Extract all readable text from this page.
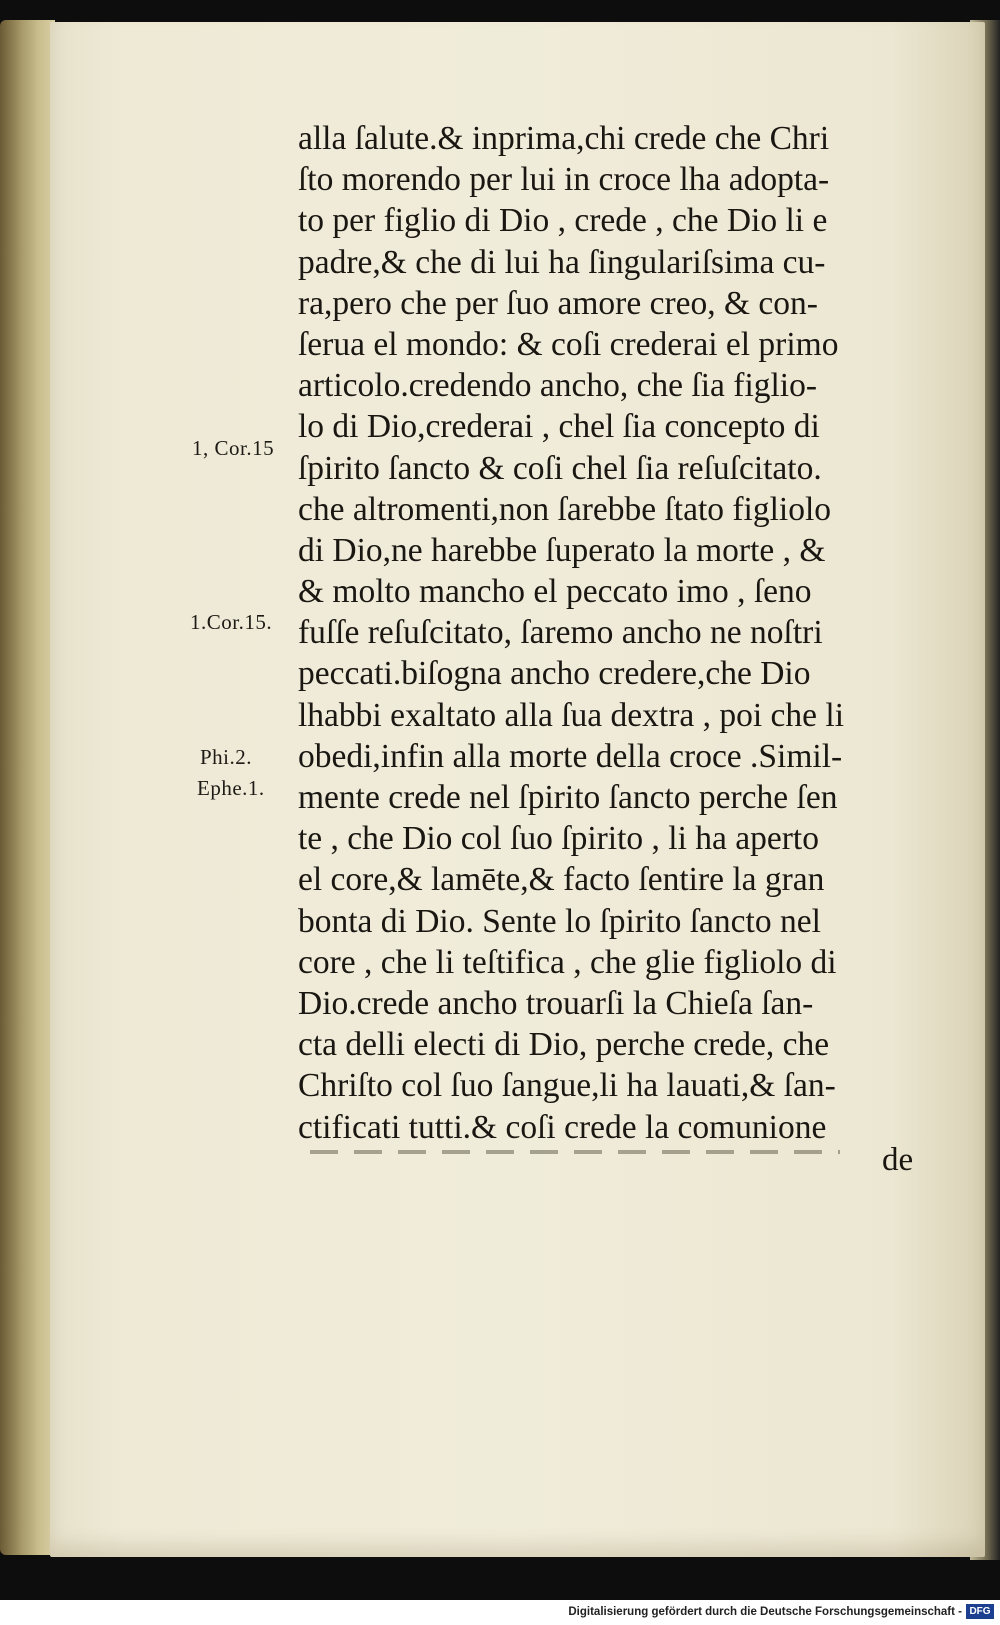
1, Cor.15
1.Cor.15.
Phi.2.
Ephe.1.
alla ſalute.& inprima,chi crede che Chri
ſto morendo per lui in croce lha adopta-
to per figlio di Dio , crede , che Dio li e
padre,& che di lui ha ſingulariſsima cu-
ra,pero che per ſuo amore creo, & con-
ſerua el mondo: & coſi crederai el primo
articolo.credendo ancho, che ſia figlio-
lo di Dio,crederai , chel ſia concepto di
ſpirito ſancto & coſi chel ſia reſuſcitato.
che altromenti,non ſarebbe ſtato figliolo
di Dio,ne harebbe ſuperato la morte , &
& molto mancho el peccato imo , ſeno
fuſſe reſuſcitato, ſaremo ancho ne noſtri
peccati.biſogna ancho credere,che Dio
lhabbi exaltato alla ſua dextra , poi che li
obedi,infin alla morte della croce .Simil-
mente crede nel ſpirito ſancto perche ſen
te , che Dio col ſuo ſpirito , li ha aperto
el core,& lamēte,& facto ſentire la gran
bonta di Dio. Sente lo ſpirito ſancto nel
core , che li teſtifica , che glie figliolo di
Dio.crede ancho trouarſi la Chieſa ſan-
cta delli electi di Dio, perche crede, che
Chriſto col ſuo ſangue,li ha lauati,& ſan-
ctificati tutti.& coſi crede la comunione
de
Digitalisierung gefördert durch die Deutsche Forschungsgemeinschaft - DFG
